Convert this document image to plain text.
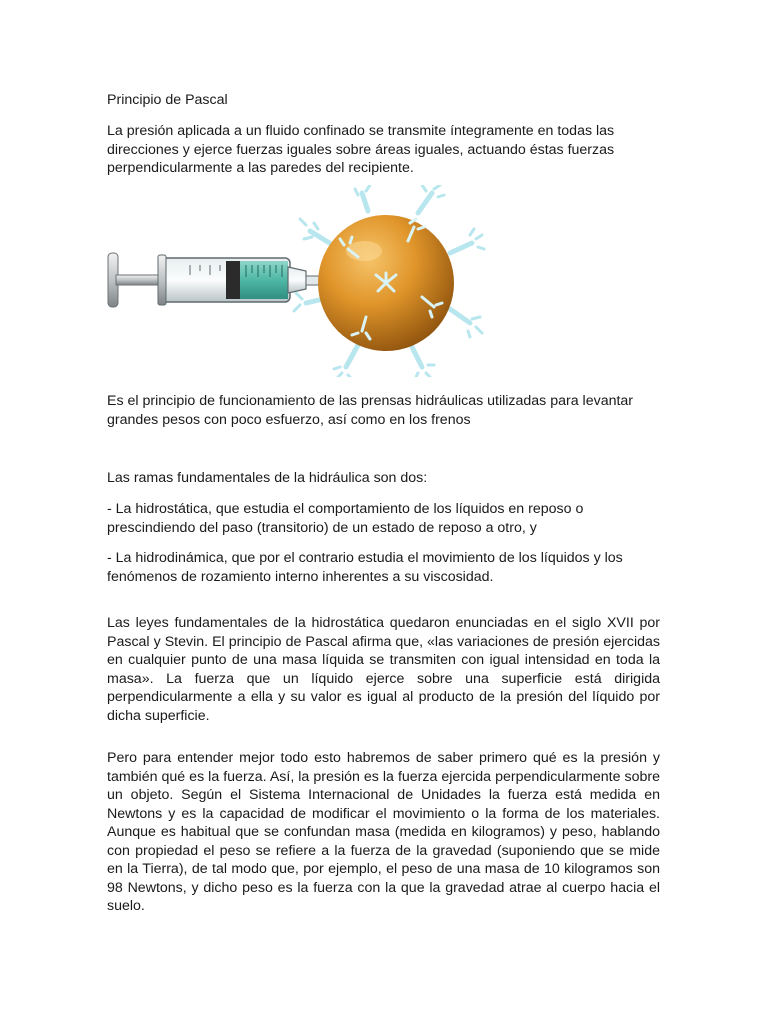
Principio de Pascal

La presión aplicada a un fluido confinado se transmite íntegramente en todas las direcciones y ejerce fuerzas iguales sobre áreas iguales, actuando éstas fuerzas perpendicularmente a las paredes del recipiente.

Es el principio de funcionamiento de las prensas hidráulicas utilizadas para levantar grandes pesos con poco esfuerzo, así como en los frenos

Las ramas fundamentales de la hidráulica son dos:

- La hidrostática, que estudia el comportamiento de los líquidos en reposo o prescindiendo del paso (transitorio) de un estado de reposo a otro, y

- La hidrodinámica, que por el contrario estudia el movimiento de los líquidos y los fenómenos de rozamiento interno inherentes a su viscosidad.

Las leyes fundamentales de la hidrostática quedaron enunciadas en el siglo XVII por Pascal y Stevin. El principio de Pascal afirma que, «las variaciones de presión ejercidas en cualquier punto de una masa líquida se transmiten con igual intensidad en toda la masa». La fuerza que un líquido ejerce sobre una superficie está dirigida perpendicularmente a ella y su valor es igual al producto de la presión del líquido por dicha superficie.

Pero para entender mejor todo esto habremos de saber primero qué es la presión y también qué es la fuerza. Así, la presión es la fuerza ejercida perpendicularmente sobre un objeto. Según el Sistema Internacional de Unidades la fuerza está medida en Newtons y es la capacidad de modificar el movimiento o la forma de los materiales. Aunque es habitual que se confundan masa (medida en kilogramos) y peso, hablando con propiedad el peso se refiere a la fuerza de la gravedad (suponiendo que se mide en la Tierra), de tal modo que, por ejemplo, el peso de una masa de 10 kilogramos son 98 Newtons, y dicho peso es la fuerza con la que la gravedad atrae al cuerpo hacia el suelo.
